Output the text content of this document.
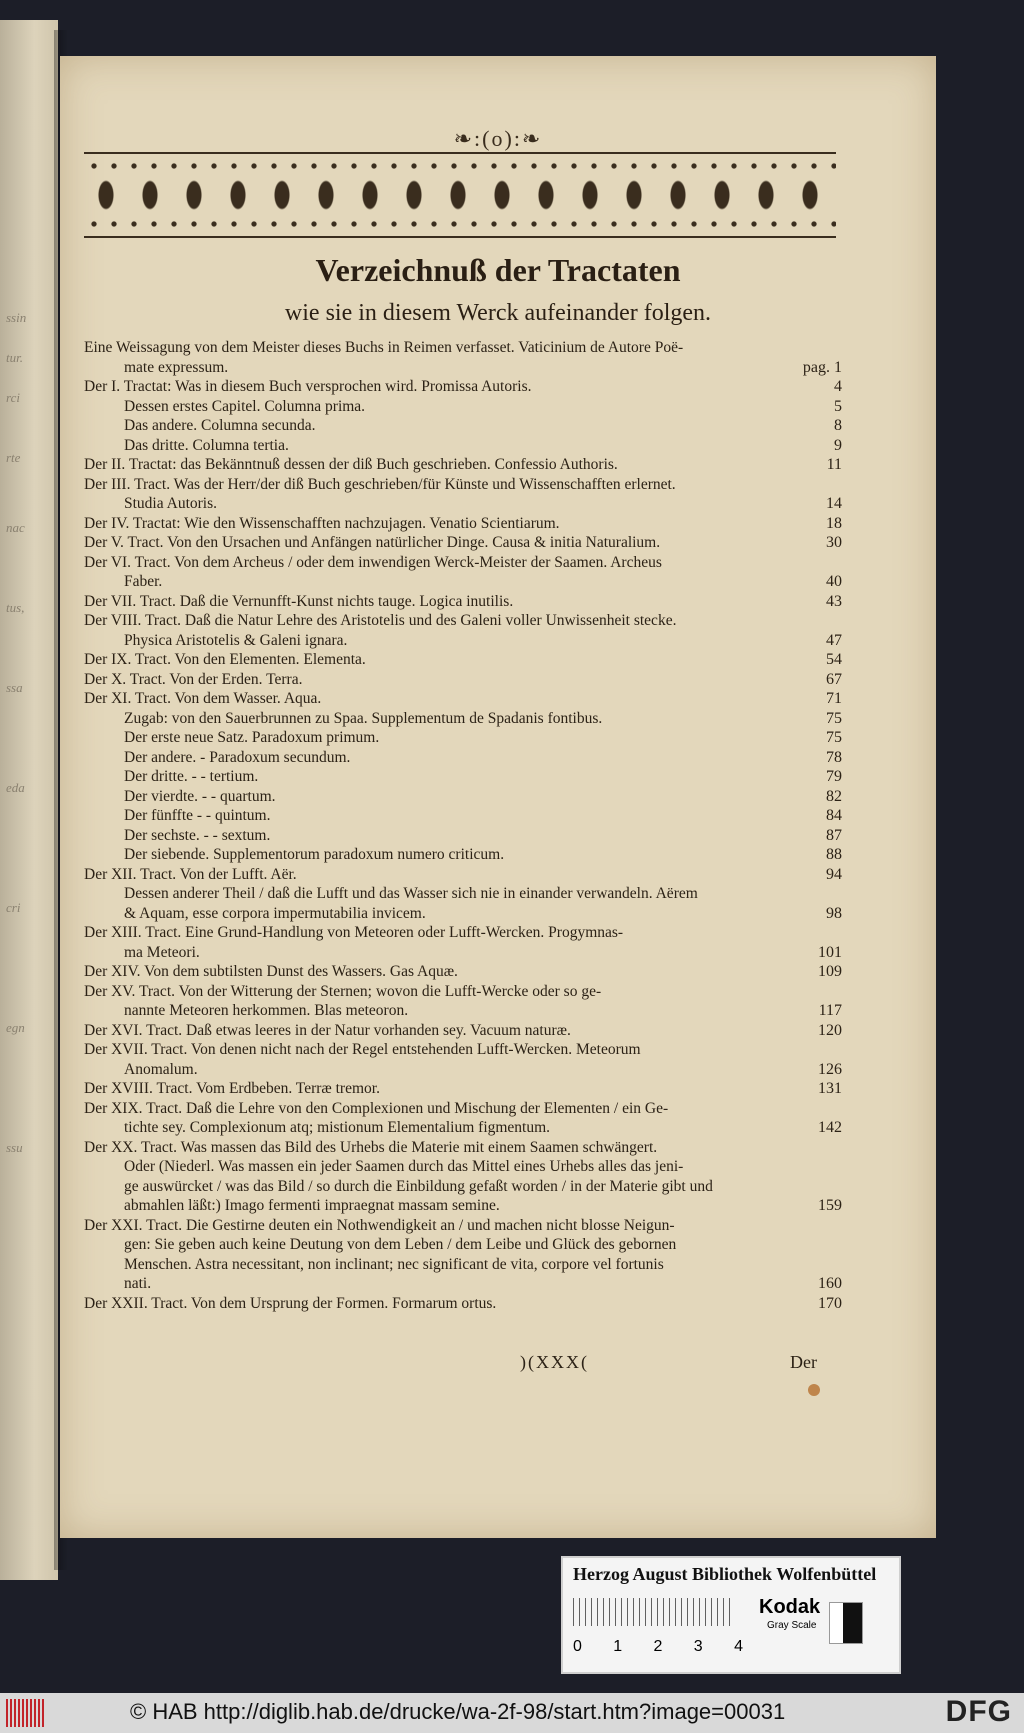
ssin
tur.
rci
rte
nac
tus,
ssa
eda
cri
egn
ssu
❧:(o):❧
Verzeichnuß der Tractaten
wie sie in diesem Werck aufeinander folgen.
Eine Weissagung von dem Meister dieses Buchs in Reimen verfasset. Vaticinium de Autore Poë-
mate expressum.	pag. 1
Der I. Tractat: Was in diesem Buch versprochen wird. Promissa Autoris.	4
Dessen erstes Capitel. Columna prima.	5
Das andere. Columna secunda.	8
Das dritte. Columna tertia.	9
Der II. Tractat: das Bekänntnuß dessen der diß Buch geschrieben. Confessio Authoris.	11
Der III. Tract. Was der Herr/der diß Buch geschrieben/für Künste und Wissenschafften erlernet.
Studia Autoris.	14
Der IV. Tractat: Wie den Wissenschafften nachzujagen. Venatio Scientiarum.	18
Der V. Tract. Von den Ursachen und Anfängen natürlicher Dinge. Causa & initia Naturalium.	30
Der VI. Tract. Von dem Archeus / oder dem inwendigen Werck-Meister der Saamen. Archeus
Faber.	40
Der VII. Tract. Daß die Vernunfft-Kunst nichts tauge. Logica inutilis.	43
Der VIII. Tract. Daß die Natur Lehre des Aristotelis und des Galeni voller Unwissenheit stecke.
Physica Aristotelis & Galeni ignara.	47
Der IX. Tract. Von den Elementen. Elementa.	54
Der X. Tract. Von der Erden. Terra.	67
Der XI. Tract. Von dem Wasser. Aqua.	71
Zugab: von den Sauerbrunnen zu Spaa. Supplementum de Spadanis fontibus.	75
Der erste neue Satz. Paradoxum primum.	75
Der andere. - Paradoxum secundum.	78
Der dritte. - - tertium.	79
Der vierdte. - - quartum.	82
Der fünffte - - quintum.	84
Der sechste. - - sextum.	87
Der siebende. Supplementorum paradoxum numero criticum.	88
Der XII. Tract. Von der Lufft. Aër.	94
Dessen anderer Theil / daß die Lufft und das Wasser sich nie in einander verwandeln. Aërem
& Aquam, esse corpora impermutabilia invicem.	98
Der XIII. Tract. Eine Grund-Handlung von Meteoren oder Lufft-Wercken. Progymnas-
ma Meteori.	101
Der XIV. Von dem subtilsten Dunst des Wassers. Gas Aquæ.	109
Der XV. Tract. Von der Witterung der Sternen; wovon die Lufft-Wercke oder so ge-
nannte Meteoren herkommen. Blas meteoron.	117
Der XVI. Tract. Daß etwas leeres in der Natur vorhanden sey. Vacuum naturæ.	120
Der XVII. Tract. Von denen nicht nach der Regel entstehenden Lufft-Wercken. Meteorum
Anomalum.	126
Der XVIII. Tract. Vom Erdbeben. Terræ tremor.	131
Der XIX. Tract. Daß die Lehre von den Complexionen und Mischung der Elementen / ein Ge-
tichte sey. Complexionum atq; mistionum Elementalium figmentum.	142
Der XX. Tract. Was massen das Bild des Urhebs die Materie mit einem Saamen schwängert.
Oder (Niederl. Was massen ein jeder Saamen durch das Mittel eines Urhebs alles das jeni-
ge auswürcket / was das Bild / so durch die Einbildung gefaßt worden / in der Materie gibt und
abmahlen läßt:) Imago fermenti impraegnat massam semine.	159
Der XXI. Tract. Die Gestirne deuten ein Nothwendigkeit an / und machen nicht blosse Neigun-
gen: Sie geben auch keine Deutung von dem Leben / dem Leibe und Glück des gebornen
Menschen. Astra necessitant, non inclinant; nec significant de vita, corpore vel fortunis
nati.	160
Der XXII. Tract. Von dem Ursprung der Formen. Formarum ortus.	170
)(XXX(	Der
Herzog August Bibliothek Wolfenbüttel
0 1 2 3 4
Kodak
Gray Scale
© HAB http://diglib.hab.de/drucke/wa-2f-98/start.htm?image=00031	DFG
